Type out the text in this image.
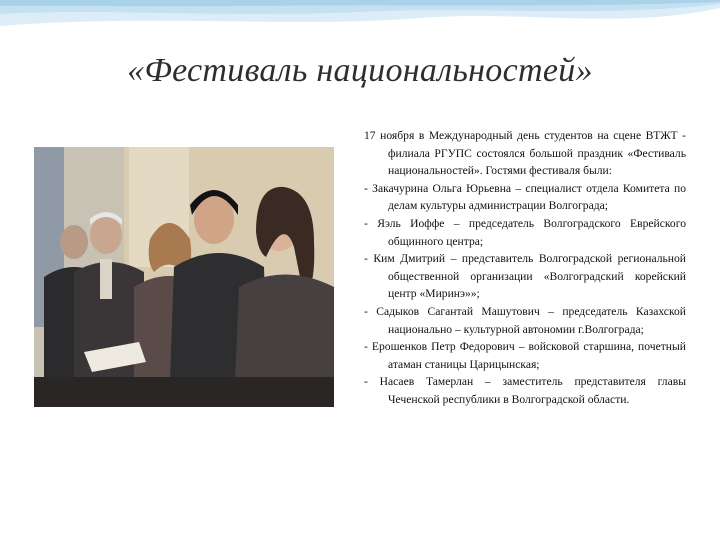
«Фестиваль национальностей»

17 ноября в Международный день студентов на сцене ВТЖТ - филиала РГУПС состоялся большой праздник «Фестиваль национальностей». Гостями фестиваля были:

- Закачурина Ольга Юрьевна – специалист отдела Комитета по делам культуры администрации Волгограда;

- Яэль Иоффе – председатель Волгоградского Еврейского общинного центра;

- Ким Дмитрий – представитель Волгоградской региональной общественной организации «Волгоградский корейский центр «Миринэ»»;

- Садыков Сагантай Машутович – председатель Казахской национально – культурной автономии г.Волгограда;

- Ерошенков Петр Федорович – войсковой старшина, почетный атаман станицы Царицынская;

- Насаев Тамерлан – заместитель представителя главы Чеченской республики в Волгоградской области.
